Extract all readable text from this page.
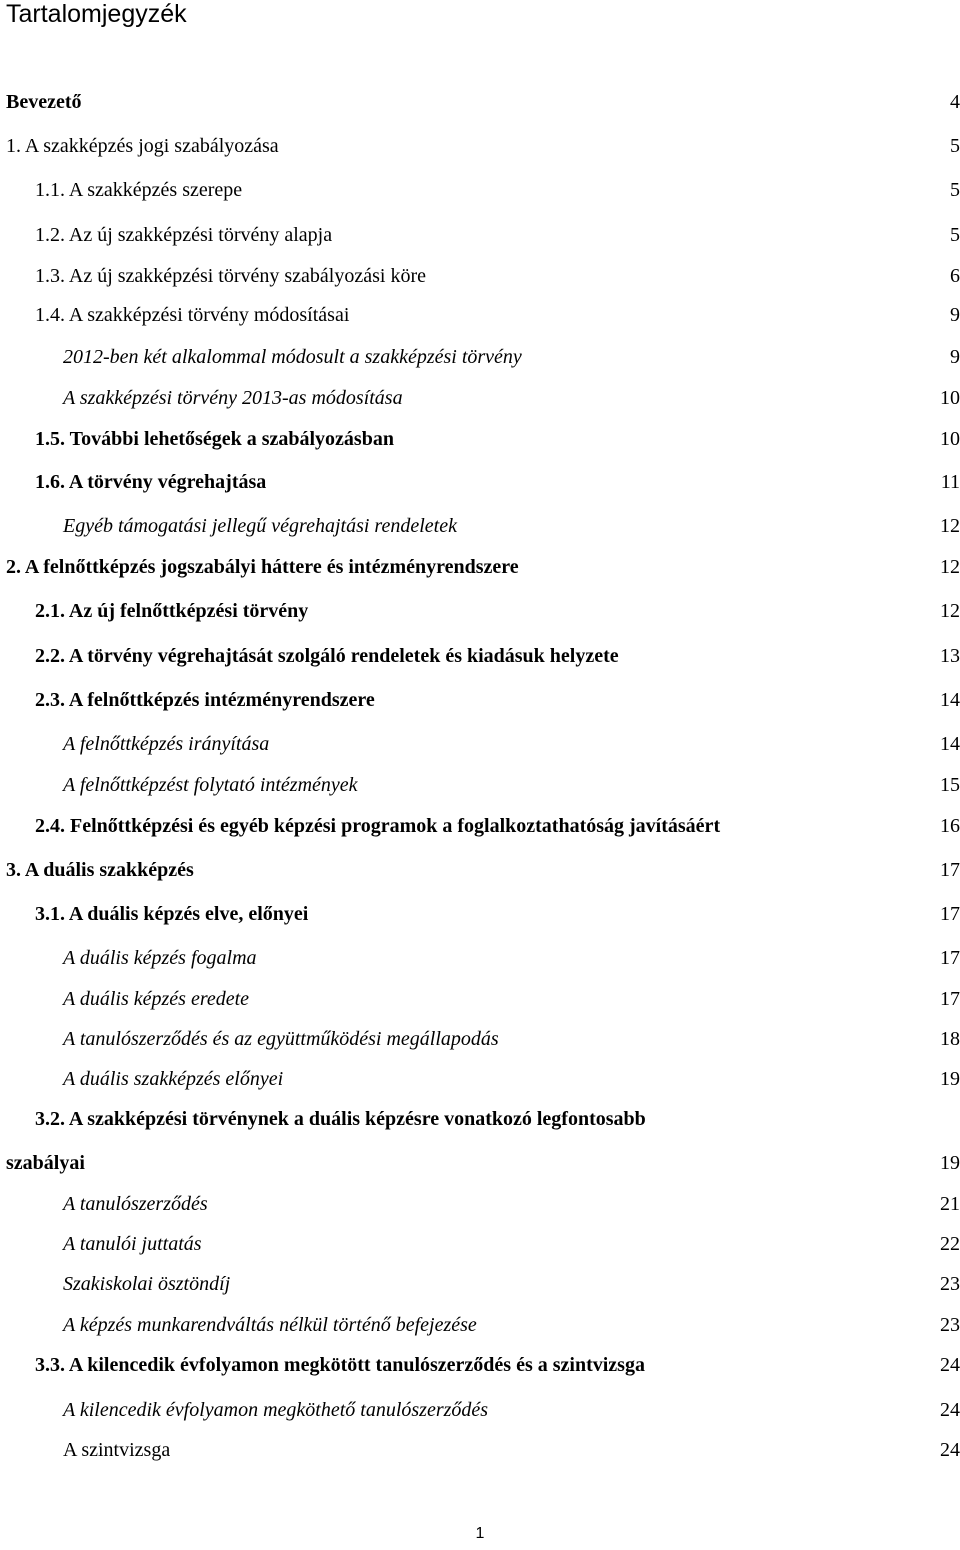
Tartalomjegyzék
Bevezető	4
1. A szakképzés jogi szabályozása	5
1.1. A szakképzés szerepe	5
1.2. Az új szakképzési törvény alapja	5
1.3. Az új szakképzési törvény szabályozási köre	6
1.4. A szakképzési törvény módosításai	9
2012-ben két alkalommal módosult a szakképzési törvény	9
A szakképzési törvény 2013-as módosítása	10
1.5. További lehetőségek a szabályozásban	10
1.6. A törvény végrehajtása	11
Egyéb támogatási jellegű végrehajtási rendeletek	12
2. A felnőttképzés jogszabályi háttere és intézményrendszere	12
2.1. Az új felnőttképzési törvény	12
2.2. A törvény végrehajtását szolgáló rendeletek és kiadásuk helyzete	13
2.3. A felnőttképzés intézményrendszere	14
A felnőttképzés irányítása	14
A felnőttképzést folytató intézmények	15
2.4. Felnőttképzési és egyéb képzési programok a foglalkoztathatóság javításáért	16
3. A duális szakképzés	17
3.1. A duális képzés elve, előnyei	17
A duális képzés fogalma	17
A duális képzés eredete	17
A tanulószerződés és az együttműködési megállapodás	18
A duális szakképzés előnyei	19
3.2. A szakképzési törvénynek a duális képzésre vonatkozó legfontosabb
szabályai	19
A tanulószerződés	21
A tanulói juttatás	22
Szakiskolai ösztöndíj	23
A képzés munkarendváltás nélkül történő befejezése	23
3.3. A kilencedik évfolyamon megkötött tanulószerződés és a szintvizsga	24
A kilencedik évfolyamon megköthető tanulószerződés	24
A szintvizsga	24
1
